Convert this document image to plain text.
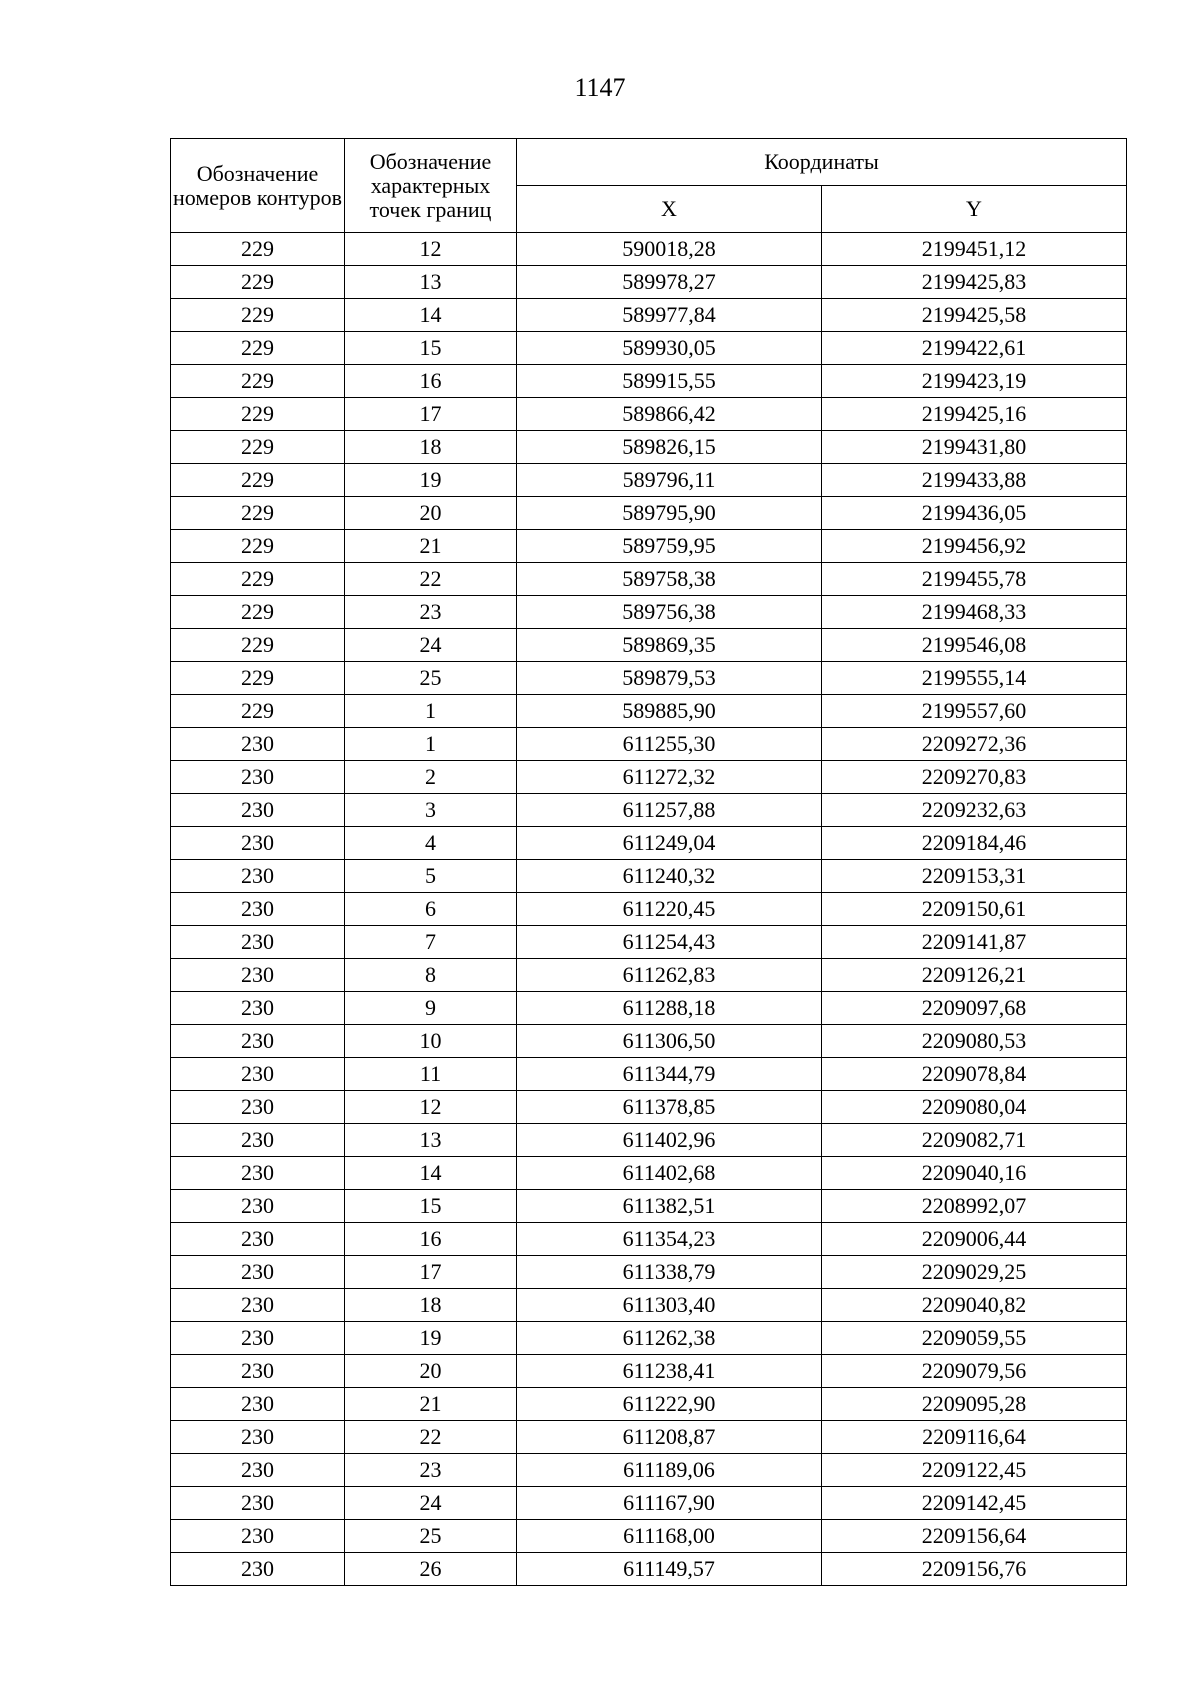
1147
Обозначение номеров контуров	Обозначение характерных точек границ	Координаты	
		X	Y
229	12	590018,28	2199451,12
229	13	589978,27	2199425,83
229	14	589977,84	2199425,58
229	15	589930,05	2199422,61
229	16	589915,55	2199423,19
229	17	589866,42	2199425,16
229	18	589826,15	2199431,80
229	19	589796,11	2199433,88
229	20	589795,90	2199436,05
229	21	589759,95	2199456,92
229	22	589758,38	2199455,78
229	23	589756,38	2199468,33
229	24	589869,35	2199546,08
229	25	589879,53	2199555,14
229	1	589885,90	2199557,60
230	1	611255,30	2209272,36
230	2	611272,32	2209270,83
230	3	611257,88	2209232,63
230	4	611249,04	2209184,46
230	5	611240,32	2209153,31
230	6	611220,45	2209150,61
230	7	611254,43	2209141,87
230	8	611262,83	2209126,21
230	9	611288,18	2209097,68
230	10	611306,50	2209080,53
230	11	611344,79	2209078,84
230	12	611378,85	2209080,04
230	13	611402,96	2209082,71
230	14	611402,68	2209040,16
230	15	611382,51	2208992,07
230	16	611354,23	2209006,44
230	17	611338,79	2209029,25
230	18	611303,40	2209040,82
230	19	611262,38	2209059,55
230	20	611238,41	2209079,56
230	21	611222,90	2209095,28
230	22	611208,87	2209116,64
230	23	611189,06	2209122,45
230	24	611167,90	2209142,45
230	25	611168,00	2209156,64
230	26	611149,57	2209156,76
